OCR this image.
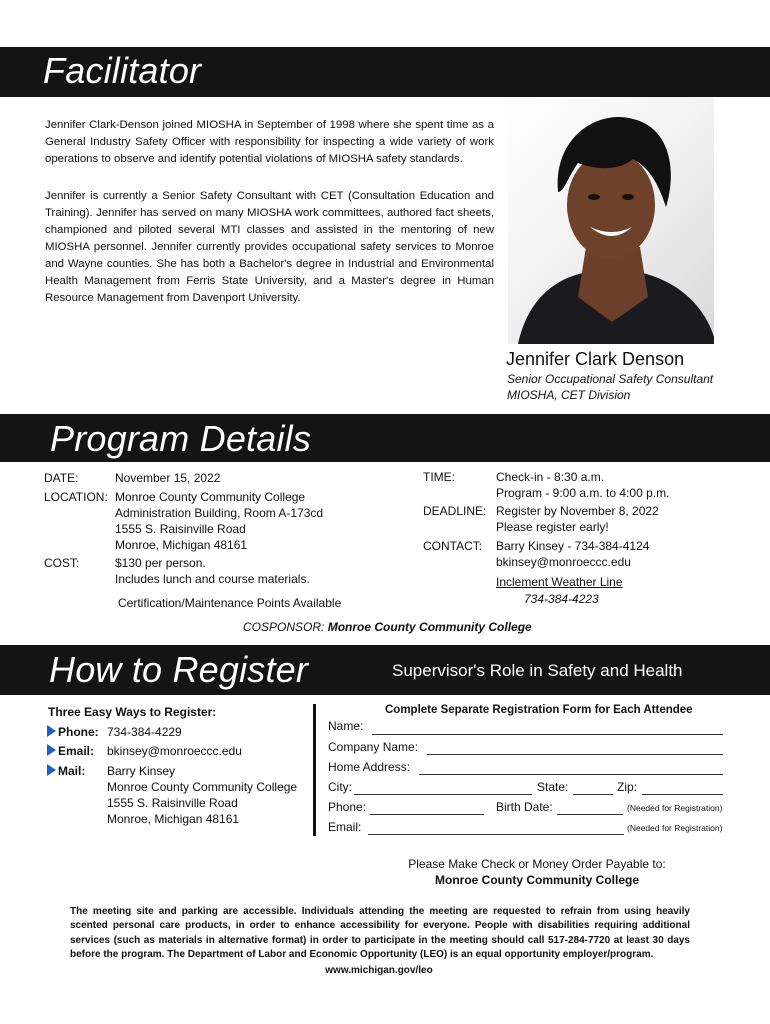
Facilitator
Jennifer Clark-Denson joined MIOSHA in September of 1998 where she spent time as a General Industry Safety Officer with responsibility for inspecting a wide variety of work operations to observe and identify potential violations of MIOSHA safety standards.
Jennifer is currently a Senior Safety Consultant with CET (Consultation Education and Training). Jennifer has served on many MIOSHA work committees, authored fact sheets, championed and piloted several MTI classes and assisted in the mentoring of new MIOSHA personnel. Jennifer currently provides occupational safety services to Monroe and Wayne counties. She has both a Bachelor's degree in Industrial and Environmental Health Management from Ferris State University, and a Master's degree in Human Resource Management from Davenport University.
Jennifer Clark Denson
Senior Occupational Safety Consultant
MIOSHA, CET Division
Program Details
DATE:	November 15, 2022
LOCATION: Monroe County Community College
Administration Building, Room A-173cd
1555 S. Raisinville Road
Monroe, Michigan 48161
COST:	$130 per person.
Includes lunch and course materials.
Certification/Maintenance Points Available
TIME:	Check-in - 8:30 a.m.
Program - 9:00 a.m. to 4:00 p.m.
DEADLINE: Register by November 8, 2022
Please register early!
CONTACT: Barry Kinsey - 734-384-4124
bkinsey@monroeccc.edu
Inclement Weather Line
734-384-4223
COSPONSOR: Monroe County Community College
How to Register	Supervisor's Role in Safety and Health
Three Easy Ways to Register:
Phone: 734-384-4229
Email: bkinsey@monroeccc.edu
Mail: Barry Kinsey
Monroe County Community College
1555 S. Raisinville Road
Monroe, Michigan 48161
Complete Separate Registration Form for Each Attendee
Name:
Company Name:
Home Address:
City:	State:	Zip:
Phone:	Birth Date:	(Needed for Registration)
Email:	(Needed for Registration)
Please Make Check or Money Order Payable to:
Monroe County Community College
The meeting site and parking are accessible. Individuals attending the meeting are requested to refrain from using heavily scented personal care products, in order to enhance accessibility for everyone. People with disabilities requiring additional services (such as materials in alternative format) in order to participate in the meeting should call 517-284-7720 at least 30 days before the program. The Department of Labor and Economic Opportunity (LEO) is an equal opportunity employer/program.
www.michigan.gov/leo
